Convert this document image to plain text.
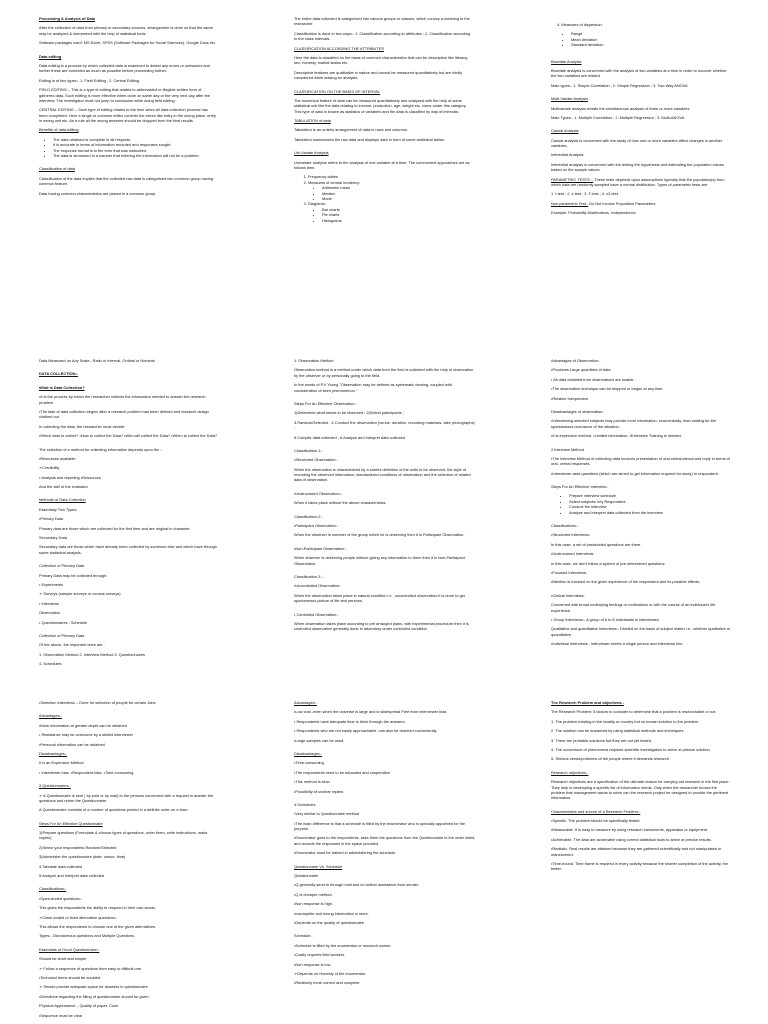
Processing & Analysis of Data

After the collection of data from primary or secondary sources, arrangement is done so that the same may be analyzed & interpreted with the help of statistical tools.

Software packages used: MS Excel, SPSS (Software Packages for Social Sciences), Google Docs etc.

Data editing

Data editing is a process by which collected data is examined to detect any errors or omissions and further these are corrected as much as possible before proceeding further.

Editing is of two types:- 1. Field Editing ; 2. Central Editing

FIELD EDITING – This is a type of editing that relates to abbreviated or illegible written form of gathered data. Such editing is more effective when done on same day or the very next day after the interview. The investigator must not jump to conclusion while doing field editing.

CENTRAL EDITING – Such type of editing relates to the time when all data collection process has been completed. Here a single or common editor corrects the errors like entry in the wrong place, entry in wrong unit etc. As a rule all the wrong answers should be dropped from the final results.

Benefits of data editing

• The data obtained is complete in all respects.
• It is accurate in terms of information recorded and responses sought.
• The response format is in the form that was instructed.
• The data is structured in a manner that entering the information will not be a problem.

Classification of data

Classification of the data implies that the collected raw data is categorized into common group having common feature.

Data having common characteristics are placed in a common group.

The entire data collected is categorized into various groups or classes, which convey a meaning to the researcher.

Classification is done in two ways:- 1. Classification according to attributes ; 2. Classification according to the class intervals.

CLASSIFICATION ACCORDING THE ATTRIBUTES

Here the data is classified on the basis of common characteristics that can be descriptive like literacy, sex, honesty, marital status etc.

Descriptive features are qualitative in nature and cannot be measured quantitatively but are kindly considered while making an analysis.

CLASSIFICATION ON THE BASIS OF INTERVAL

The numerical feature of data can be measured quantitatively and analyzed with the help of some statistical unit like the data relating to income, production, age, weight etc. come under this category. This type of data is known as statistics of variables and the data is classified by way of intervals.

TABULATION of data

Tabulation is an orderly arrangement of data in rows and columns.

Tabulation summarizes the raw data and displays data in form of some statistical tables.

Uni-Variate Analysis

Univariate analysis refers to the analysis of one variable at a time. The commonest approaches are as follows time.

1. Frequency tables
2. Measures of central tendency:
• Arithmetic mean
• Median
• Mode
3. Diagrams:
• Bar charts
• Pie charts
• Histograms

4. Measures of dispersion:

• Range
• Mean deviation
• Standard deviation

Bivariate Analysis

Bivariate analysis is concerned with the analysis of two variables at a time in order to uncover whether the two variables are related

Main types:- 1. Simple Correlation ; 2. Simple Regression ; 3. Two-Way ANOVA

Multi-Variate Analysis

Multivariate analysis entails the simultaneous analysis of three or more variables

Main Types:- 1. Multiple Correlation ; 2. Multiple Regression ; 3. Multi-ANOVA

Causal Analysis

Causal analysis is concerned with the study of how one or more variables affect changes in another variables.

Inferential Analysis

Inferential analysis is concerned with the testing the hypothesis and estimating the population values based on the sample values.

PARAMETRIC TESTS :- These tests depends upon assumptions typically that the population(s) from which data are randomly sampled have a normal distribution. Types of parametric tests are:

1. t-test ; 2. z-test ; 3. F-test ; 4. x2-test

Non parametric Test:- Do Not Involve Population Parameters

Example: Probability Distributions, Independence

Data Measured on Any Scale– Ratio or Interval, Ordinal or Nominal

DATA COLLECTION:-

What is Data Collection?

•It is the process by which the researcher collects the information needed to answer the research problem

•The task of data collection begins after a research problem has been defined and research design chalked out

In collecting the data, the researcher must decide:

•Which data to collect? •How to collect the Data? •Who will collect the Data? •When to collect the Data?

The selection of a method for collecting information depends upon the :-

•Resources available

➢Credibility

• Analysis and reporting •Resources

And the skill of the evaluator

Methods of Data Collection

Essentialy Two Types:

•Primary Data

Primary data are those which are collected for the first time and are original in character.

Secondary Data

Secondary data are those which have already been collected by someone else and which have through some statistical analysis.

Collection of Primary Data

Primary Data may be collected through:

• Experiments

➢ Surveys (sample surveys or census surveys)

• Interviews

Observation

• Questionnaires ; Schedule

Collection of Primary Data

Of the above, the important ones are :

1. Observation Method 2. Interview Method 3. Questionnaires

4. Schedules

1. Observation Method

Observation method is a method under which data from the field is collected with the help of observation by the observer or by personally going to the field.

In the words of P.V Young "Observation may be defined as systematic viewing, coupled with consideration of seen phenomenon."

Steps For An Effective Observation:

1)Determine what needs to be observed ; 2)Select participants ;

3.Random/Selected ; 4.Conduct the observation (venue, duration, recording materials, take photographs) ;

5.Compile data collected ; 6.Analyze and interpret data collected

Classification-1:-

•Structured Observation:-

When the observation is characterized by a careful definition of the units to be observed, the style of recording the observed information, standardized conditions of observation and the selection of related data of observation.

•Unstructured Observation:-

When it takes place without the above characteristics.

Classification-2:-

•Participant Observation:-

When the observer is member of the group which he is observing then it is Participant Observation.

•Non-Participant Observation:-

When observer is observing people without giving any information to them then it is Non-Participant Observation.

Classification-3 :-

•Uncontrolled Observation:-

When the observation takes place in natural condition i.e , uncontrolled observation.It is done to get spontaneous picture of life and persons.

• Controlled Observation:-

When observation takes place according to pre arranged plans, with experimental procedure then it is controlled observation generally done in laboratory under controlled condition.

Advantages of Observation:-

•Produces Large quantities of data.

• All data obtained from observations are usable.

•The observation technique can be stopped or begun at any time.

•Relative Inexpensive

Disadvantages of observation:-

•Interviewing selected subjects may provide more information, economically, than waiting for the spontaneous occurance of the situation.

•It is expensive method. •Limited information. •Extensive Training is needed.

2.Interview Method

•The Interview Method of collecting data involves presentation of oral-verbal stimuli and reply in terms of oral- verbal responses.

•Interviewer asks questions (which are aimed to get information required for study) to respondent.

Steps For An Effective Interview:-

• Prepare interview schedule
• Select subjects/ key Respondent
• Conduct the interview
• Analyze and interpret data collected from the interview

Classifications:-

•Structured Interviews:

In this case, a set of predecided questions are there.

•Unstructured Interviews:

In this case, we don't follow a system of pre-determined questions.

•Focused Interviews:

Attention is focused on the given experience of the respondent and its possible effects.

•Clinical Interviews:

Concerned with broad underlying feelings or motivations or with the course of an individual's life experience.

• Group Interviews:- A group of 6 to 8 individuals is interviewed.

Qualitative and quantitative Interviews:- Divided on the basis of subject matter i.e., whether qualitative or quantitative.

•Individual Interviews:- Interviewer meets a single person and interviews him.

•Selection Interviews – Done for selection of people for certain Jobs.

Advantages:-

•More information at greater depth can be obtained

• Resistance may be overcome by a skilled interviewer

•Personal information can be obtained

Disadvantages:-

It is an Expensive Method

• Interviewer bias. •Respondent bias. •Time consuming.

3.Questionnaires:-

➢ A Questionnaire is sent ( by post or by mail) to the persons concerned with a request to answer the questions and return the Questionnaire.

A Questionnaire consists of a number of questions printed in a definite order on a form.

Steps For An Effective Questionnaire

1)Prepare questions (Formulate & choose types of questions, order them, write instructions, make copies)

2)Select your respondents Random/Selected

3)Administer the questionnaire (date, venue, time)

4.Tabulate data collected

5.Analyze and interpret data collected

Classifications:-

•Open-ended questions:-

This gives the respondents the ability to respond in their own words.

➢Close-ended or fixed alternative questions:-

This allows the respondents to choose one of the given alternatives.

Types:- Dichotomous questions and Multiple Questions.

Essentials of Good Questionnaire:-

Should be short and simple

➢ Follow a sequence of questions from easy to difficult one

•Technical terms should be avoided

➢ Should provide adequate space for answers in questionnaire

•Directions regarding the filling of questionnaire should be given

Physical Appearance – Quality of paper, Color

•Sequence must be clear

Advantages:-

•Low cost -even when the universe is large and is widespread Free from interviewer bias

• Respondents have adequate time to think through the answers.

• Respondents who are not easily approachable, can also be reached conveniently.

•Large samples can be used.

Disadvantages:-

•Time consuming

•The respondents need to be educated and cooperative

•This method is slow

•Possibility of unclear replies

4.Schedules

•Very similar to Questionnaire method

•The main difference is that a schedule is filled by the enumerator who is specially appointed for the purpose.

•Enumerator goes to the respondents, asks them the questions from the Questionnaire in the order listed, and records the responses in the space provided.

•Enumerator must be trained in administering the schedule.

Questionnaire Vs. Schedule

Questionnaire

•Q generally send to through mail and no further assistance from sender.

•Q is cheaper method.

•Non response is high.

•Incomplete and wrong information is more.

•Depends on the quality of questionnaire

Schedule:-

•Schedule is filled by the enumerator or research worker.

•Costly requires field workers.

•Non response is low

➢Depends on Honesty of the enumerator.

•Relatively more correct and complete

The Research Problem and objectives:-

The Research Problem: 5 factors to consider to determine that a problem is researchable or not.

1. The problem existing in the locality or country but no known solution to the problem.

2. The solution can be answered by using statistical methods and techniques.

3. There are probable solutions but they are not yet tested.

4. The occurrence of phenomena requires scientific investigation to arrive at precise solution.

5. Serious needs/problems of the people where it demands research.

Research objectives:-

Research objectives are a specification of the ultimate reason for carrying out research in the first place. They help in developing a specific list of information needs. Only when the researcher knows the problem that management wants to solve can the research project be designed to provide the pertinent information.

Characteristics and source of a Research Problem:-

•Specific. The problem should be specifically tested

•Measurable. It is easy to measure by using research instruments, apparatus or equipment.

•Achievable. The data are achievable using correct statistical tools to arrive at precise results.

•Realistic. Real results are attained because they are gathered scientifically and not manipulated or maneuvered.

•Time-bound. Time frame is required in every activity because the shorter completion of the activity, the better.
